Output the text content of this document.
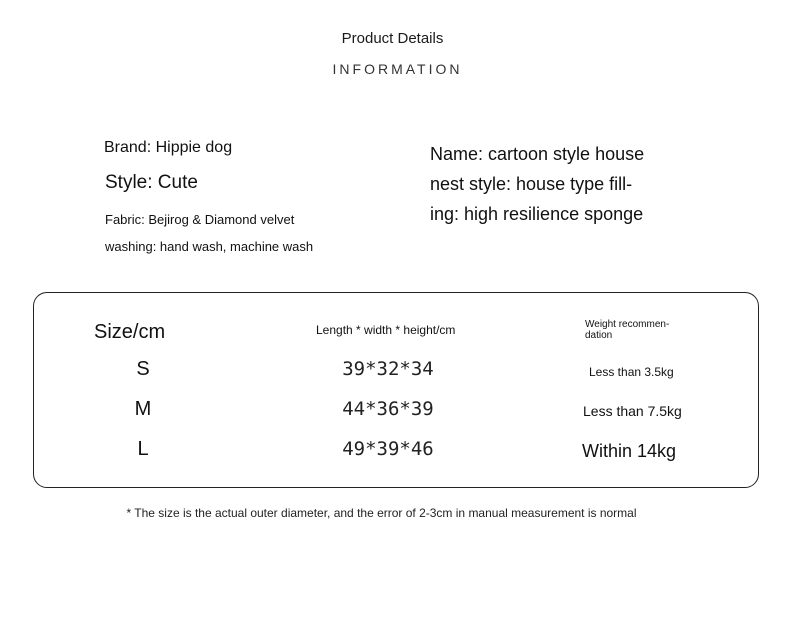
Product Details
INFORMATION
Brand: Hippie dog
Style: Cute
Fabric: Bejirog & Diamond velvet
washing: hand wash, machine wash
Name: cartoon style house
nest style: house type fill-
ing: high resilience sponge
Size/cm	Length * width * height/cm	Weight recommen-dation
S	39*32*34	Less than 3.5kg
M	44*36*39	Less than 7.5kg
L	49*39*46	Within 14kg
* The size is the actual outer diameter, and the error of 2-3cm in manual measurement is normal
